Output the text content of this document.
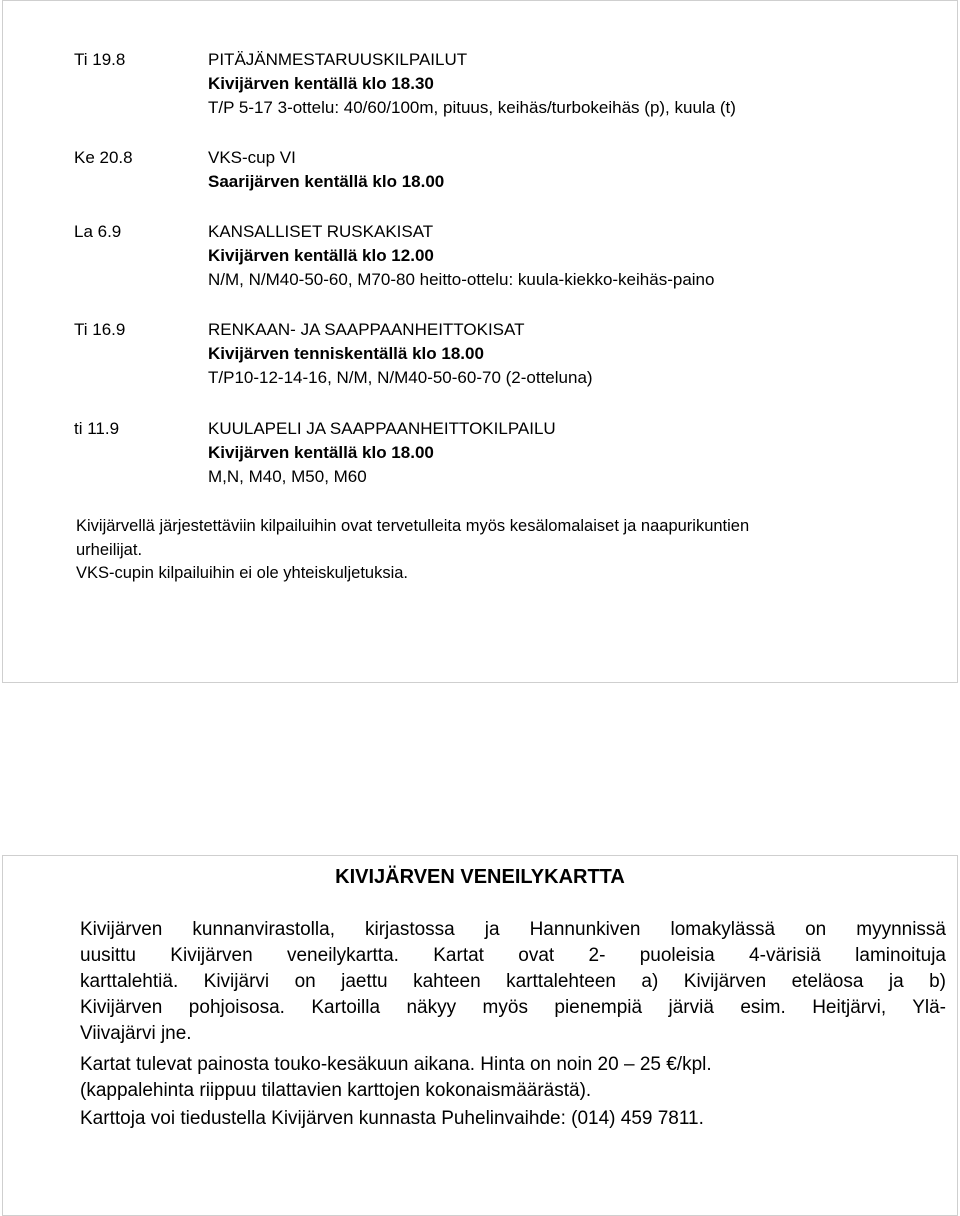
Ti 19.8	PITÄJÄNMESTARUUSKILPAILUT
Kivijärven kentällä klo 18.30
T/P 5-17 3-ottelu: 40/60/100m, pituus, keihäs/turbokeihäs (p), kuula (t)
Ke 20.8	VKS-cup VI
Saarijärven kentällä klo 18.00
La 6.9	KANSALLISET RUSKAKISAT
Kivijärven kentällä klo 12.00
N/M, N/M40-50-60, M70-80 heitto-ottelu: kuula-kiekko-keihäs-paino
Ti 16.9	RENKAAN- JA SAAPPAANHEITTOKISAT
Kivijärven tenniskentällä klo 18.00
T/P10-12-14-16, N/M, N/M40-50-60-70 (2-otteluna)
ti 11.9	KUULAPELI JA SAAPPAANHEITTOKILPAILU
Kivijärven kentällä klo 18.00
M,N, M40, M50, M60

Kivijärvellä järjestettäviin kilpailuihin ovat tervetulleita myös kesälomalaiset ja naapurikuntien

urheilijat.

VKS-cupin kilpailuihin ei ole yhteiskuljetuksia.

KIVIJÄRVEN VENEILYKARTTA

Kivijärven kunnanvirastolla, kirjastossa ja Hannunkiven lomakylässä on myynnissä

uusittu Kivijärven veneilykartta. Kartat ovat 2- puoleisia 4-värisiä laminoituja

karttalehtiä. Kivijärvi on jaettu kahteen karttalehteen a) Kivijärven eteläosa ja b)

Kivijärven pohjoisosa. Kartoilla näkyy myös pienempiä järviä esim. Heitjärvi, Ylä-

Viivajärvi jne.

Kartat tulevat painosta touko-kesäkuun aikana. Hinta on noin 20 – 25 €/kpl.

(kappalehinta riippuu tilattavien karttojen kokonaismäärästä).

Karttoja voi tiedustella Kivijärven kunnasta Puhelinvaihde: (014) 459 7811.
